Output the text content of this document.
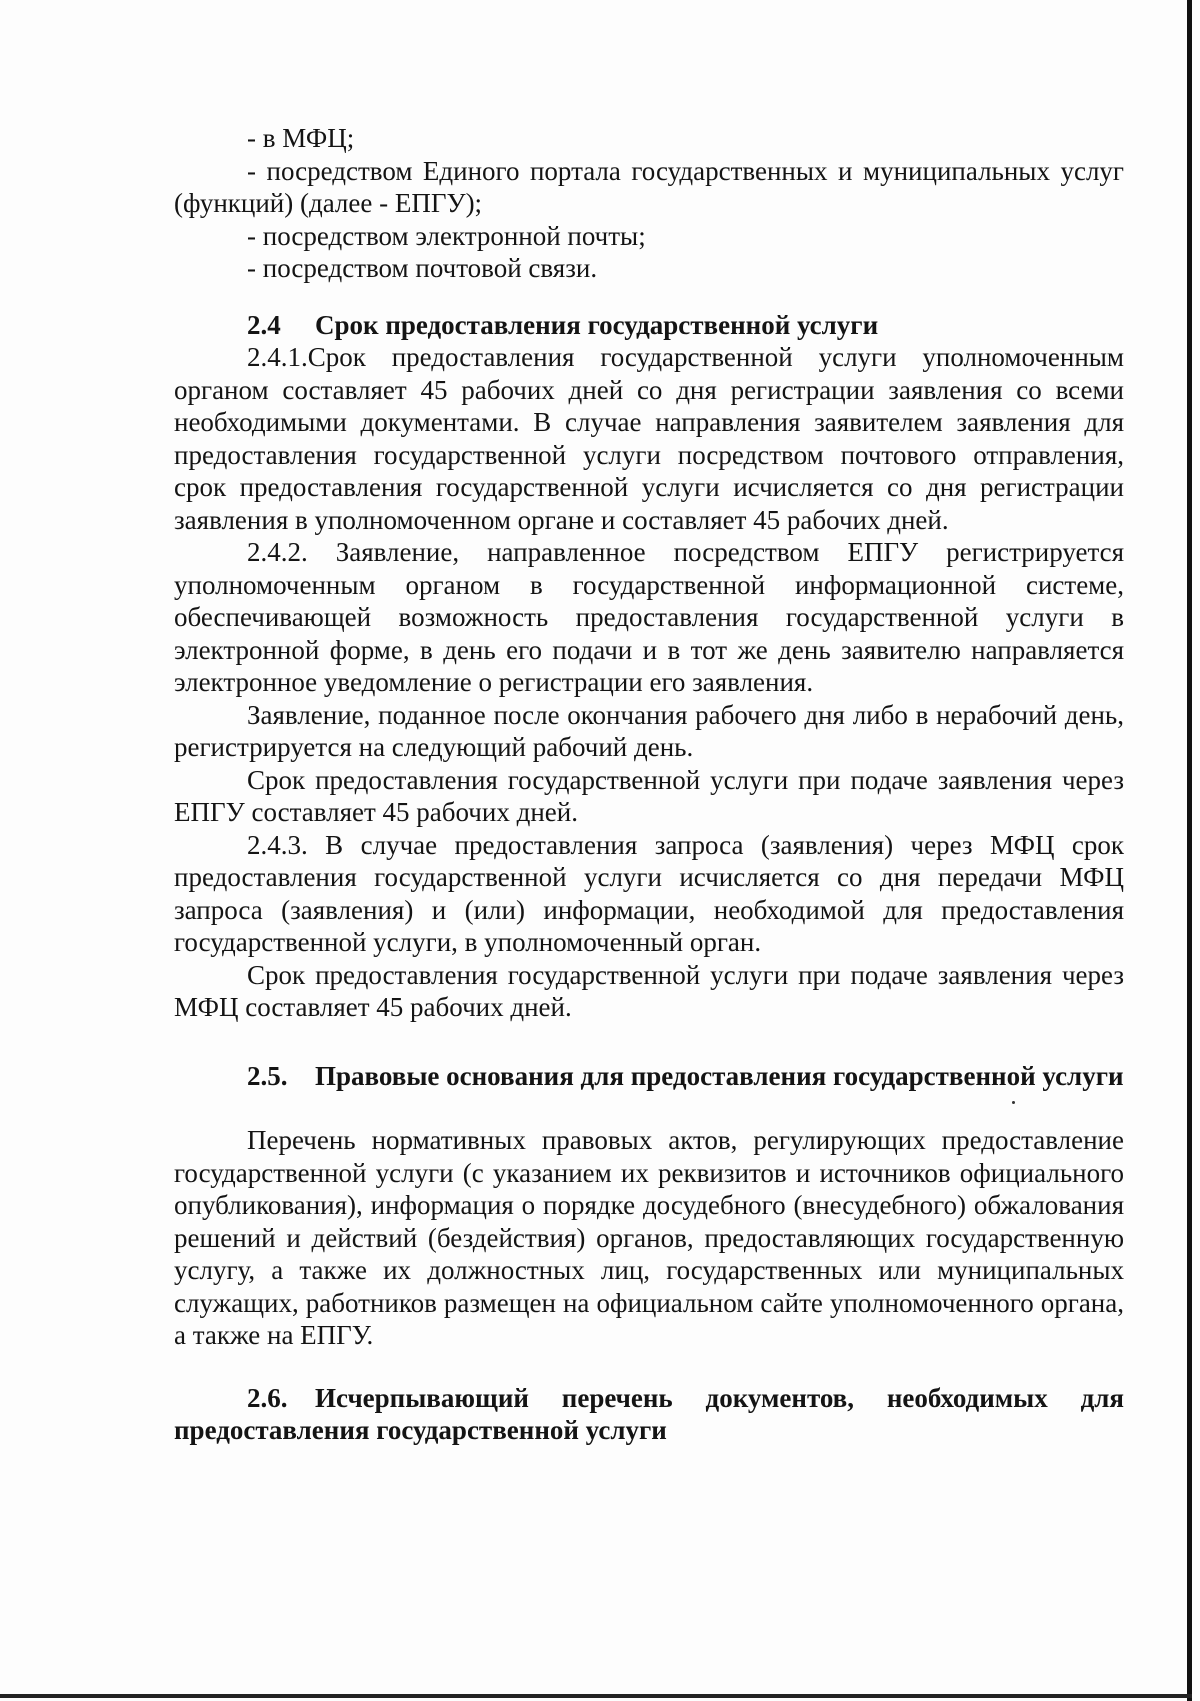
- в МФЦ;

- посредством Единого портала государственных и муниципальных услуг (функций) (далее - ЕПГУ);

- посредством электронной почты;

- посредством почтовой связи.

2.4 Срок предоставления государственной услуги

2.4.1.Срок предоставления государственной услуги уполномоченным органом составляет 45 рабочих дней со дня регистрации заявления со всеми необходимыми документами. В случае направления заявителем заявления для предоставления государственной услуги посредством почтового отправления, срок предоставления государственной услуги исчисляется со дня регистрации заявления в уполномоченном органе и составляет 45 рабочих дней.

2.4.2. Заявление, направленное посредством ЕПГУ регистрируется уполномоченным органом в государственной информационной системе, обеспечивающей возможность предоставления государственной услуги в электронной форме, в день его подачи и в тот же день заявителю направляется электронное уведомление о регистрации его заявления.

Заявление, поданное после окончания рабочего дня либо в нерабочий день, регистрируется на следующий рабочий день.

Срок предоставления государственной услуги при подаче заявления через ЕПГУ составляет 45 рабочих дней.

2.4.3. В случае предоставления запроса (заявления) через МФЦ срок предоставления государственной услуги исчисляется со дня передачи МФЦ запроса (заявления) и (или) информации, необходимой для предоставления государственной услуги, в уполномоченный орган.

Срок предоставления государственной услуги при подаче заявления через МФЦ составляет 45 рабочих дней.

2.5. Правовые основания для предоставления государственной услуги

Перечень нормативных правовых актов, регулирующих предоставление государственной услуги (с указанием их реквизитов и источников официального опубликования), информация о порядке досудебного (внесудебного) обжалования решений и действий (бездействия) органов, предоставляющих государственную услугу, а также их должностных лиц, государственных или муниципальных служащих, работников размещен на официальном сайте уполномоченного органа, а также на ЕПГУ.

2.6. Исчерпывающий перечень документов, необходимых для предоставления государственной услуги
